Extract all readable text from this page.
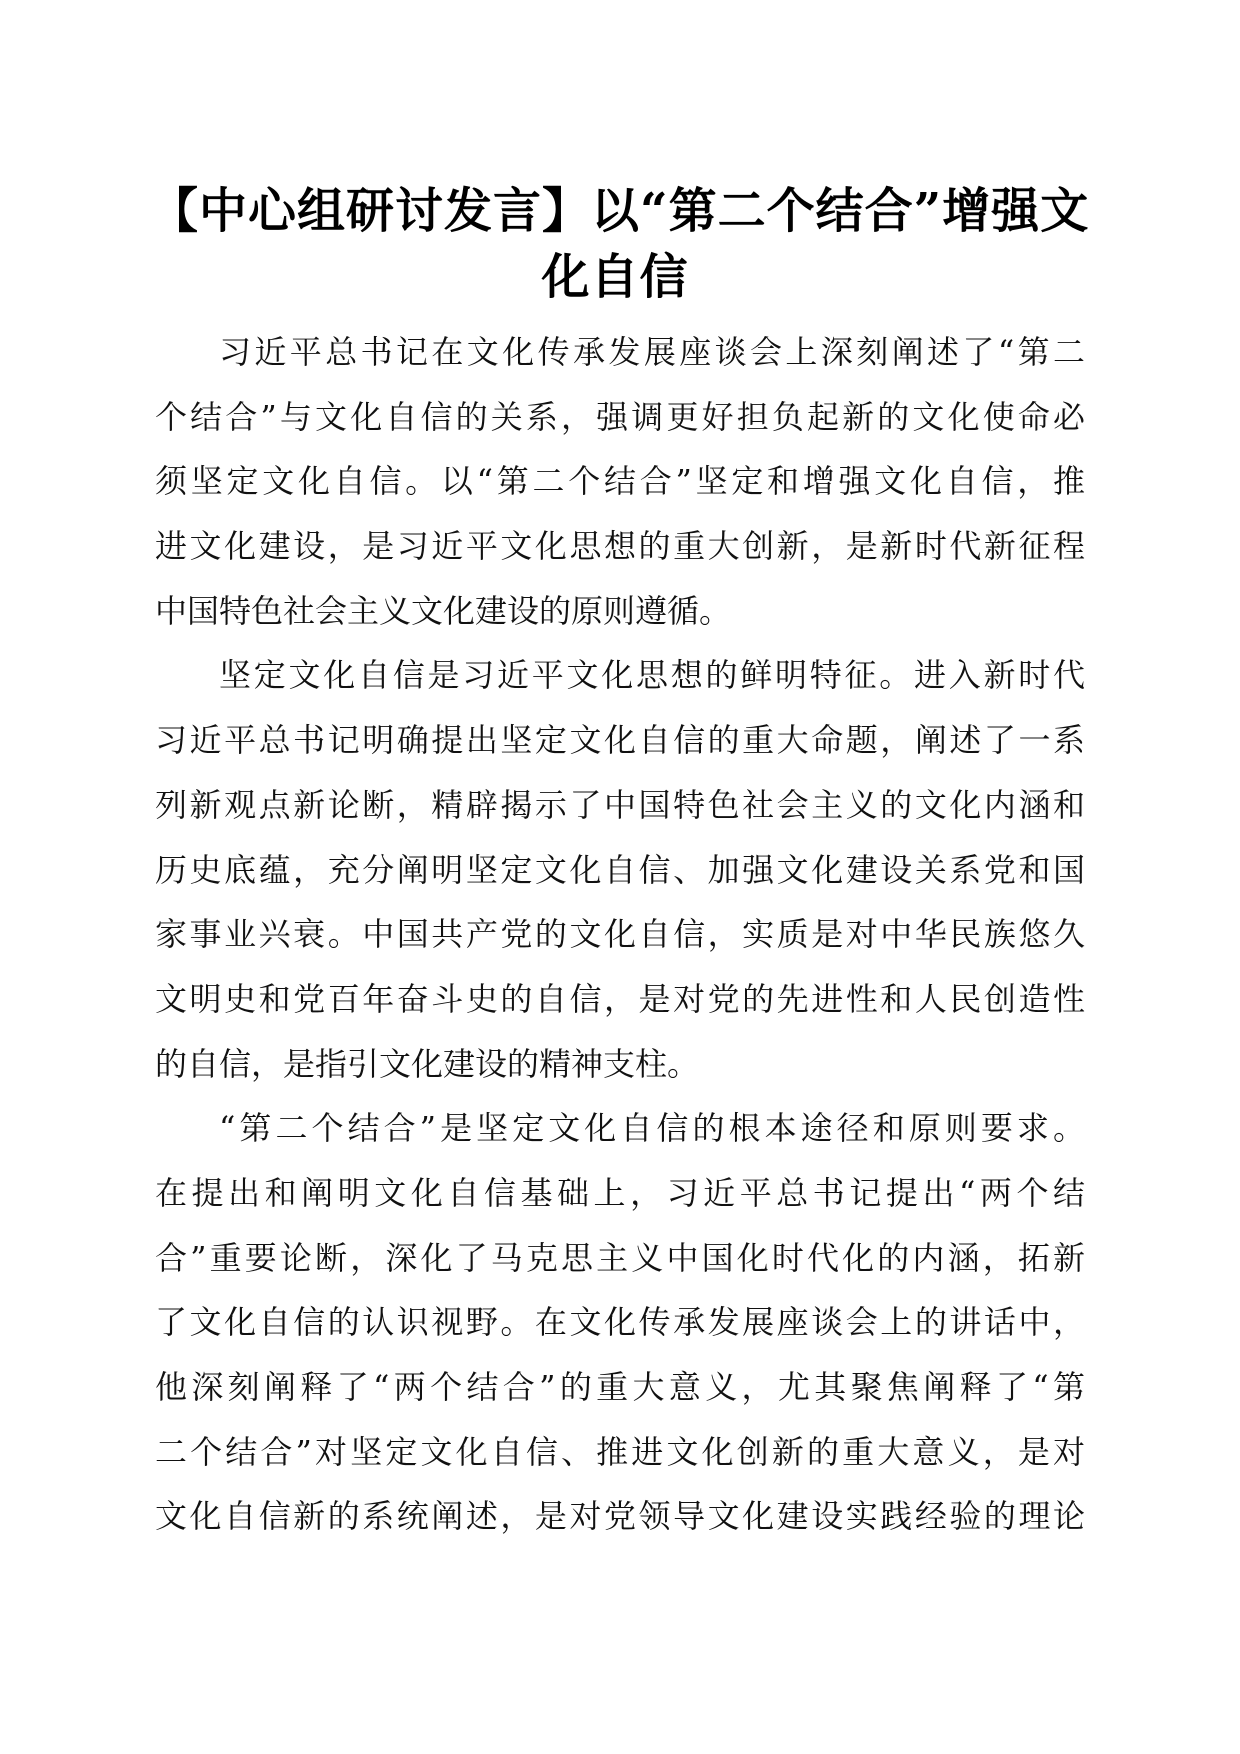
【中心组研讨发言】以“第二个结合”增强文
化自信
习近平总书记在文化传承发展座谈会上深刻阐述了“第二
个结合”与文化自信的关系，强调更好担负起新的文化使命必
须坚定文化自信。以“第二个结合”坚定和增强文化自信，推
进文化建设，是习近平文化思想的重大创新，是新时代新征程
中国特色社会主义文化建设的原则遵循。
坚定文化自信是习近平文化思想的鲜明特征。进入新时代
习近平总书记明确提出坚定文化自信的重大命题，阐述了一系
列新观点新论断，精辟揭示了中国特色社会主义的文化内涵和
历史底蕴，充分阐明坚定文化自信、加强文化建设关系党和国
家事业兴衰。中国共产党的文化自信，实质是对中华民族悠久
文明史和党百年奋斗史的自信，是对党的先进性和人民创造性
的自信，是指引文化建设的精神支柱。
“第二个结合”是坚定文化自信的根本途径和原则要求。
在提出和阐明文化自信基础上，习近平总书记提出“两个结
合”重要论断，深化了马克思主义中国化时代化的内涵，拓新
了文化自信的认识视野。在文化传承发展座谈会上的讲话中，
他深刻阐释了“两个结合”的重大意义，尤其聚焦阐释了“第
二个结合”对坚定文化自信、推进文化创新的重大意义，是对
文化自信新的系统阐述，是对党领导文化建设实践经验的理论
